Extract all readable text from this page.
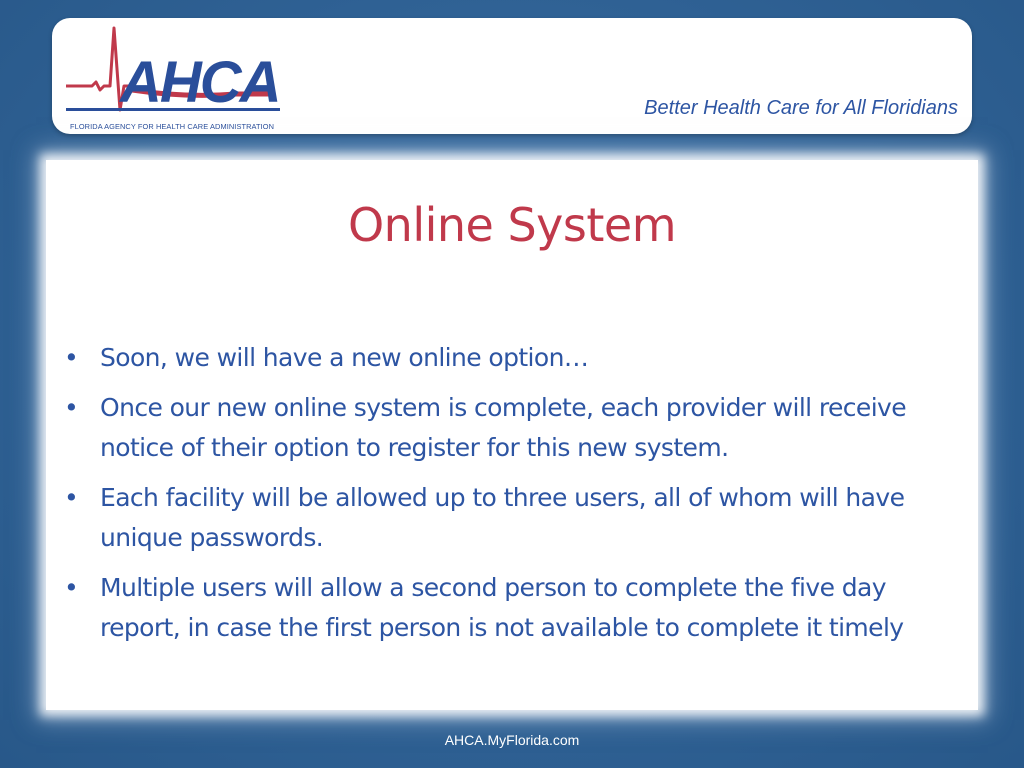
AHCA
FLORIDA AGENCY FOR HEALTH CARE ADMINISTRATION
Better Health Care for All Floridians
Online System
• Soon, we will have a new online option…
• Once our new online system is complete, each provider will receive notice of their option to register for this new system.
• Each facility will be allowed up to three users, all of whom will have unique passwords.
• Multiple users will allow a second person to complete the five day report, in case the first person is not available to complete it timely
AHCA.MyFlorida.com
